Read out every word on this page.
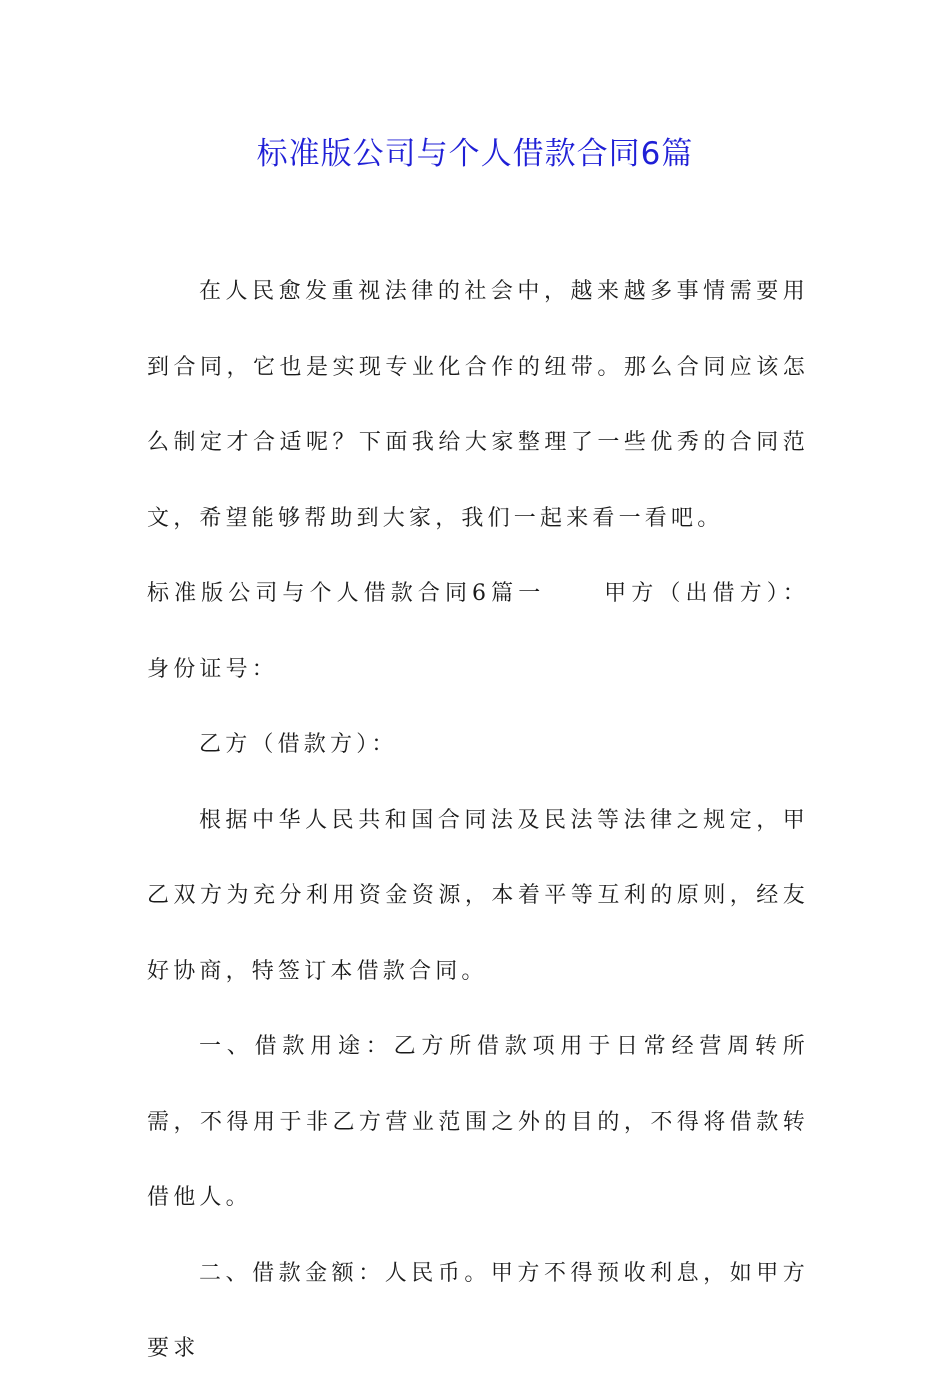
标准版公司与个人借款合同6篇

在人民愈发重视法律的社会中，越来越多事情需要用到合同，它也是实现专业化合作的纽带。那么合同应该怎么制定才合适呢？下面我给大家整理了一些优秀的合同范文，希望能够帮助到大家，我们一起来看一看吧。

标准版公司与个人借款合同6篇一	甲方（出借方）：身份证号：

乙方（借款方）：

根据中华人民共和国合同法及民法等法律之规定，甲乙双方为充分利用资金资源，本着平等互利的原则，经友好协商，特签订本借款合同。

一、借款用途：乙方所借款项用于日常经营周转所需，不得用于非乙方营业范围之外的目的，不得将借款转借他人。

二、借款金额：人民币。甲方不得预收利息，如甲方要求
